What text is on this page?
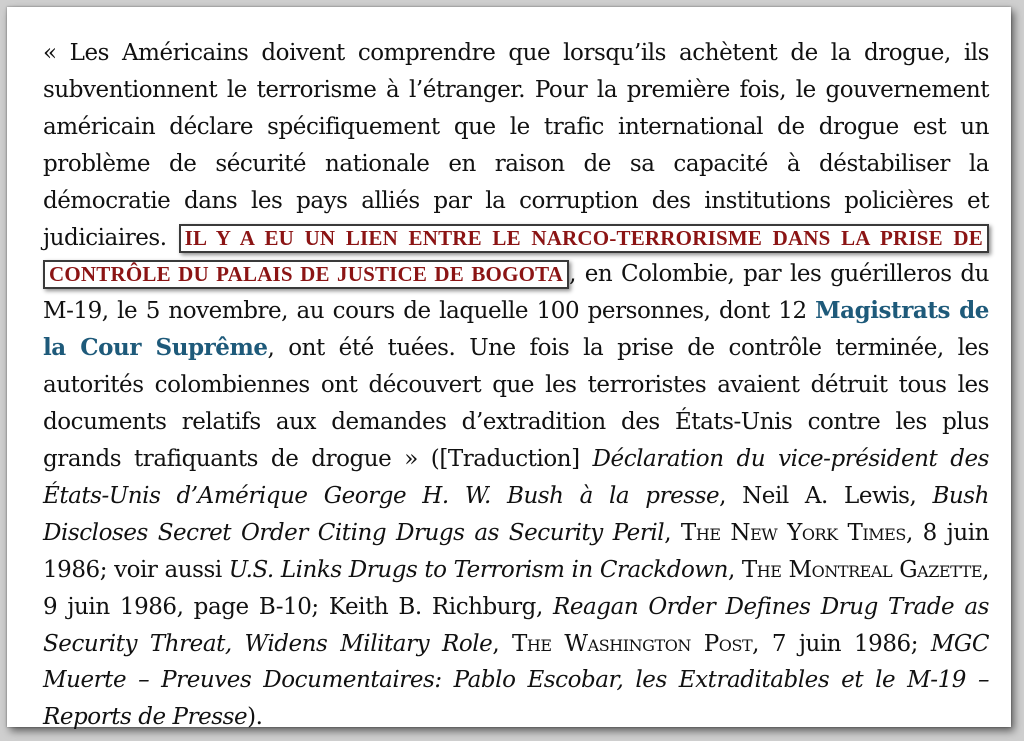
« Les Américains doivent comprendre que lorsqu’ils achètent de la drogue, ils subventionnent le terrorisme à l’étranger. Pour la première fois, le gouvernement américain déclare spécifiquement que le trafic international de drogue est un problème de sécurité nationale en raison de sa capacité à déstabiliser la démocratie dans les pays alliés par la corruption des institutions policières et judiciaires. IL Y A EU UN LIEN ENTRE LE NARCO-TERRORISME DANS LA PRISE DE CONTRÔLE DU PALAIS DE JUSTICE DE BOGOTA , en Colombie, par les guérilleros du M-19, le 5 novembre, au cours de laquelle 100 personnes, dont 12 Magistrats de la Cour Suprême, ont été tuées. Une fois la prise de contrôle terminée, les autorités colombiennes ont découvert que les terroristes avaient détruit tous les documents relatifs aux demandes d’extradition des États-Unis contre les plus grands trafiquants de drogue » ([Traduction] Déclaration du vice-président des États-Unis d’Amérique George H. W. Bush à la presse, Neil A. Lewis, Bush Discloses Secret Order Citing Drugs as Security Peril, The New York Times, 8 juin 1986; voir aussi U.S. Links Drugs to Terrorism in Crackdown, The Montreal Gazette, 9 juin 1986, page B-10; Keith B. Richburg, Reagan Order Defines Drug Trade as Security Threat, Widens Military Role, The Washington Post, 7 juin 1986; MGC Muerte – Preuves Documentaires: Pablo Escobar, les Extraditables et le M-19 – Reports de Presse).
